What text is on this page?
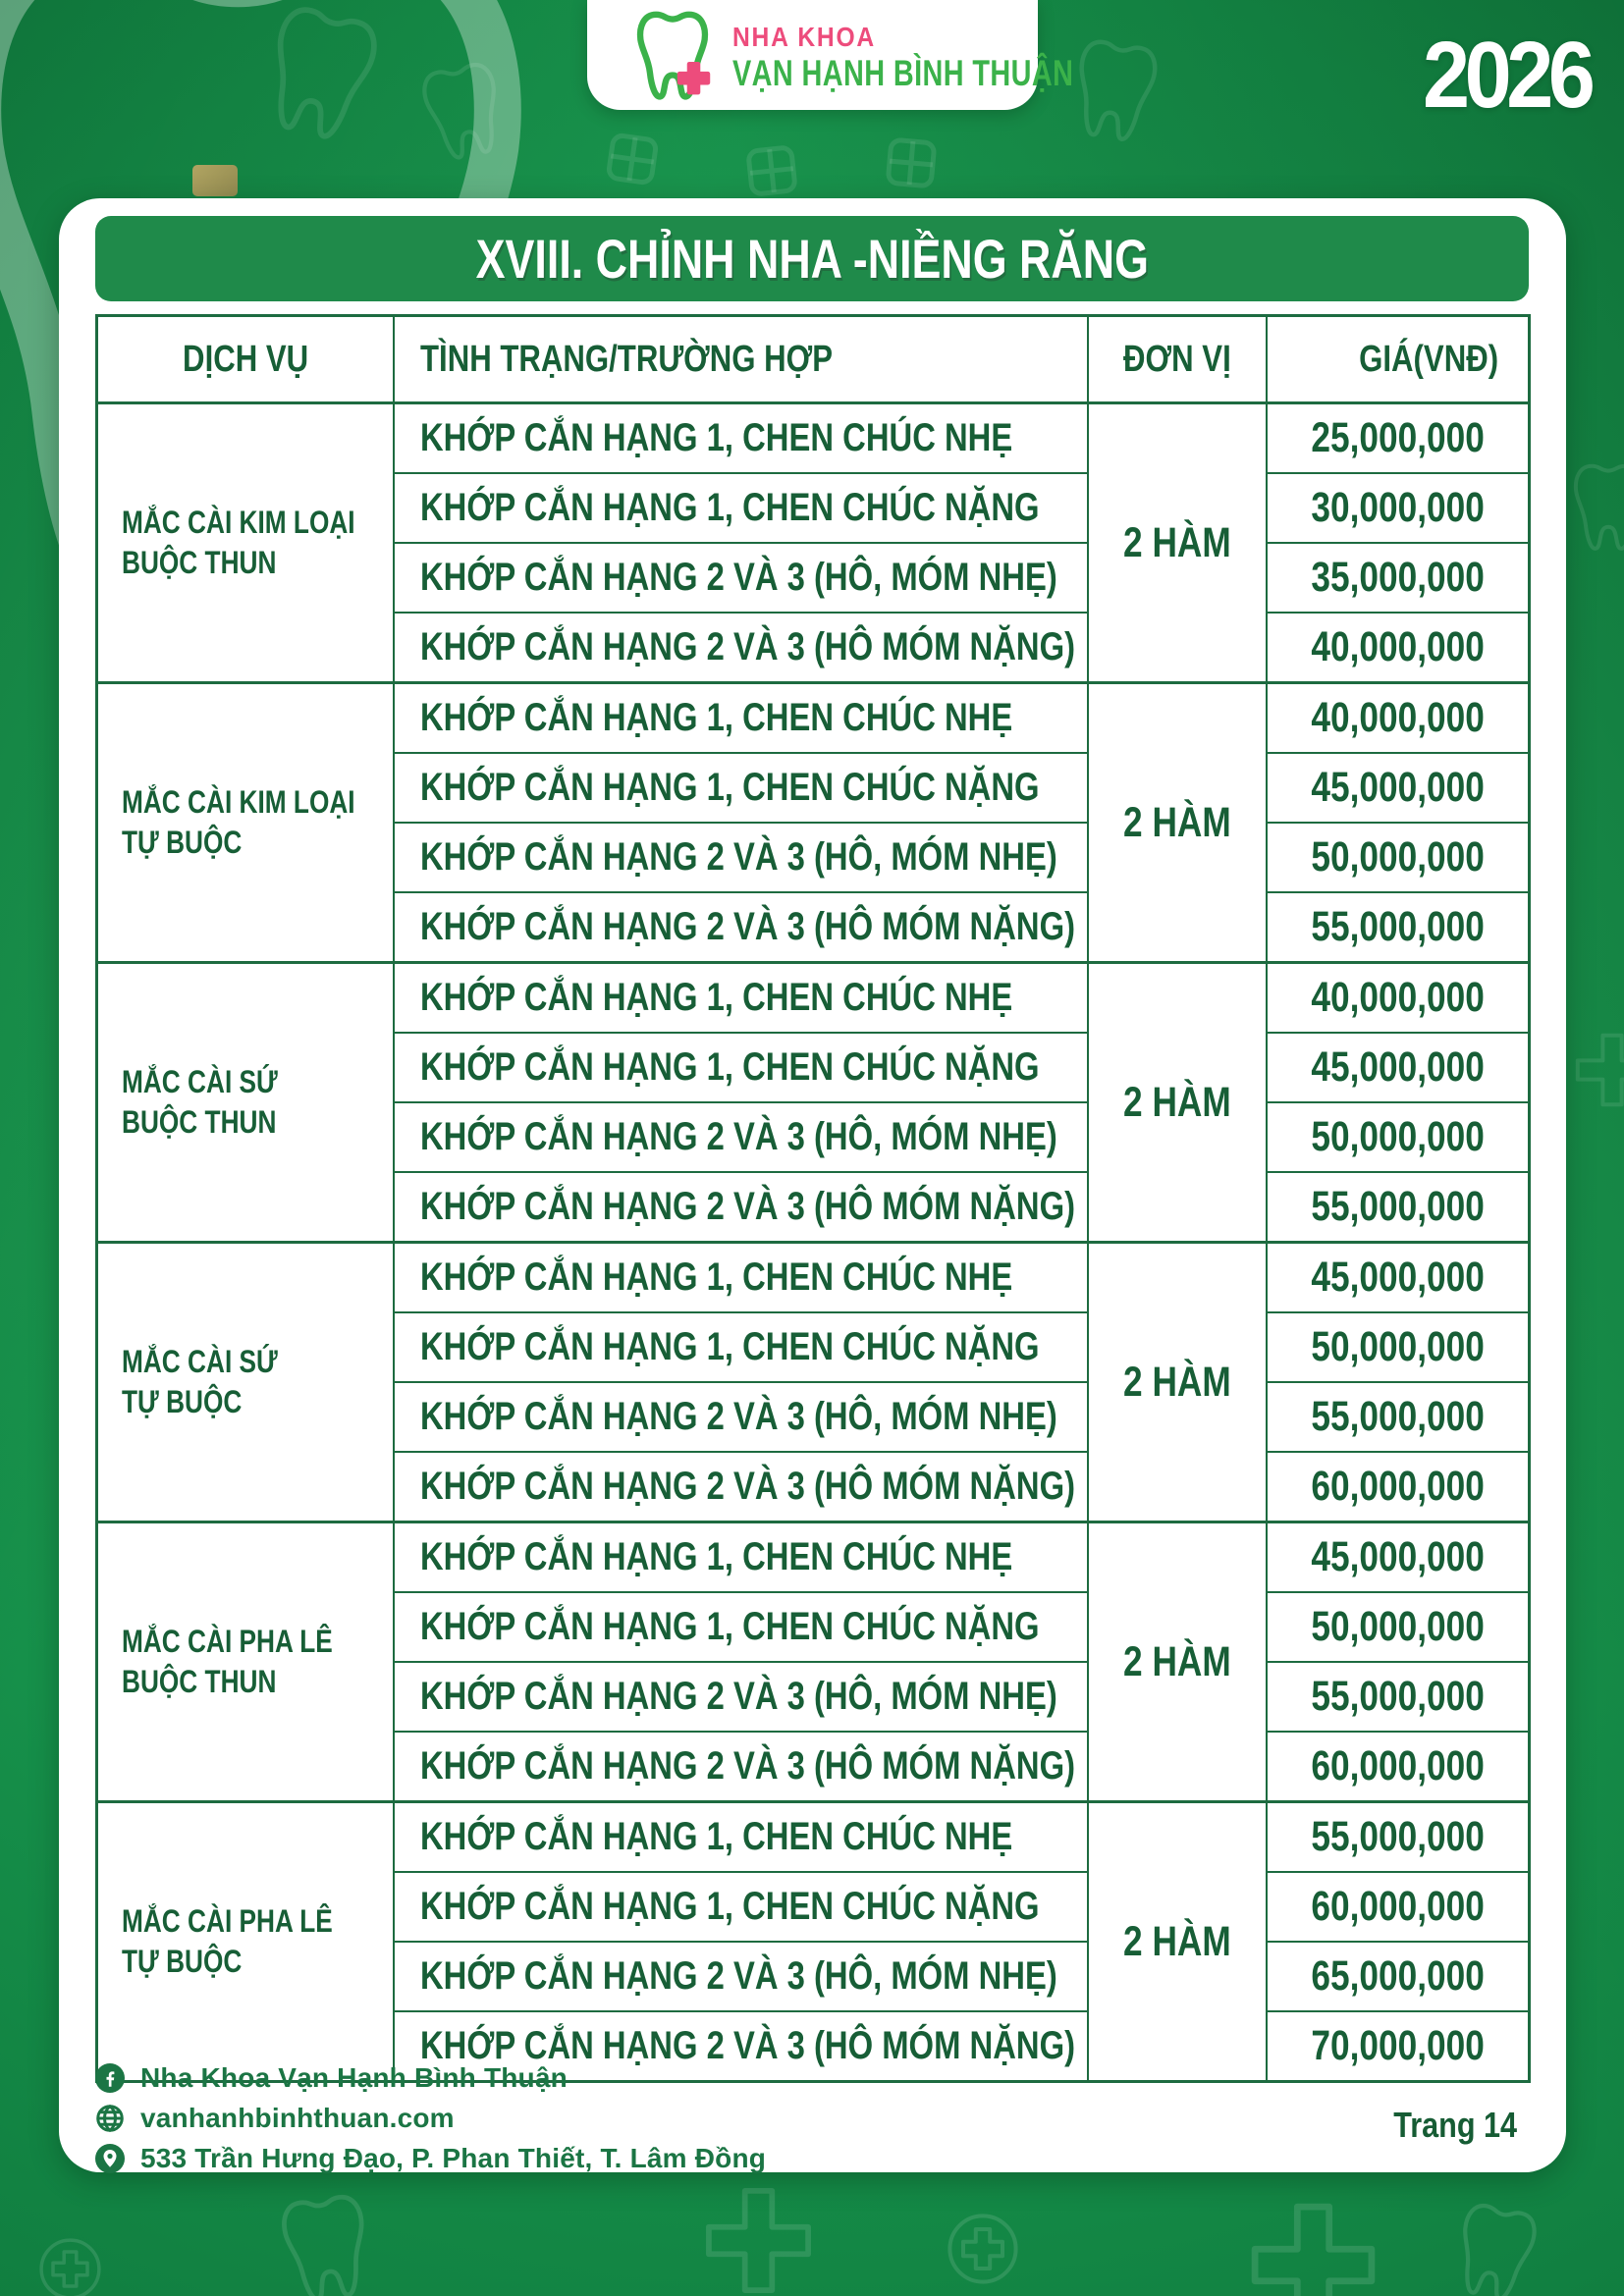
NHA KHOA
VẠN HẠNH BÌNH THUẬN	2026
XVIII. CHỈNH NHA -NIỀNG RĂNG
DỊCH VỤ	TÌNH TRẠNG/TRƯỜNG HỢP	ĐƠN VỊ	GIÁ(VNĐ)
MẮC CÀI KIM LOẠI
BUỘC THUN	KHỚP CẮN HẠNG 1, CHEN CHÚC NHẸ	2 HÀM	25,000,000
	KHỚP CẮN HẠNG 1, CHEN CHÚC NẶNG		30,000,000
	KHỚP CẮN HẠNG 2 VÀ 3 (HÔ, MÓM NHẸ)		35,000,000
	KHỚP CẮN HẠNG 2 VÀ 3 (HÔ MÓM NẶNG)		40,000,000
MẮC CÀI KIM LOẠI
TỰ BUỘC	KHỚP CẮN HẠNG 1, CHEN CHÚC NHẸ	2 HÀM	40,000,000
	KHỚP CẮN HẠNG 1, CHEN CHÚC NẶNG		45,000,000
	KHỚP CẮN HẠNG 2 VÀ 3 (HÔ, MÓM NHẸ)		50,000,000
	KHỚP CẮN HẠNG 2 VÀ 3 (HÔ MÓM NẶNG)		55,000,000
MẮC CÀI SỨ
BUỘC THUN	KHỚP CẮN HẠNG 1, CHEN CHÚC NHẸ	2 HÀM	40,000,000
	KHỚP CẮN HẠNG 1, CHEN CHÚC NẶNG		45,000,000
	KHỚP CẮN HẠNG 2 VÀ 3 (HÔ, MÓM NHẸ)		50,000,000
	KHỚP CẮN HẠNG 2 VÀ 3 (HÔ MÓM NẶNG)		55,000,000
MẮC CÀI SỨ
TỰ BUỘC	KHỚP CẮN HẠNG 1, CHEN CHÚC NHẸ	2 HÀM	45,000,000
	KHỚP CẮN HẠNG 1, CHEN CHÚC NẶNG		50,000,000
	KHỚP CẮN HẠNG 2 VÀ 3 (HÔ, MÓM NHẸ)		55,000,000
	KHỚP CẮN HẠNG 2 VÀ 3 (HÔ MÓM NẶNG)		60,000,000
MẮC CÀI PHA LÊ
BUỘC THUN	KHỚP CẮN HẠNG 1, CHEN CHÚC NHẸ	2 HÀM	45,000,000
	KHỚP CẮN HẠNG 1, CHEN CHÚC NẶNG		50,000,000
	KHỚP CẮN HẠNG 2 VÀ 3 (HÔ, MÓM NHẸ)		55,000,000
	KHỚP CẮN HẠNG 2 VÀ 3 (HÔ MÓM NẶNG)		60,000,000
MẮC CÀI PHA LÊ
TỰ BUỘC	KHỚP CẮN HẠNG 1, CHEN CHÚC NHẸ	2 HÀM	55,000,000
	KHỚP CẮN HẠNG 1, CHEN CHÚC NẶNG		60,000,000
	KHỚP CẮN HẠNG 2 VÀ 3 (HÔ, MÓM NHẸ)		65,000,000
	KHỚP CẮN HẠNG 2 VÀ 3 (HÔ MÓM NẶNG)		70,000,000
Nha Khoa Vạn Hạnh Bình Thuận
vanhanhbinhthuan.com
533 Trần Hưng Đạo, P. Phan Thiết, T. Lâm Đồng
Trang 14
